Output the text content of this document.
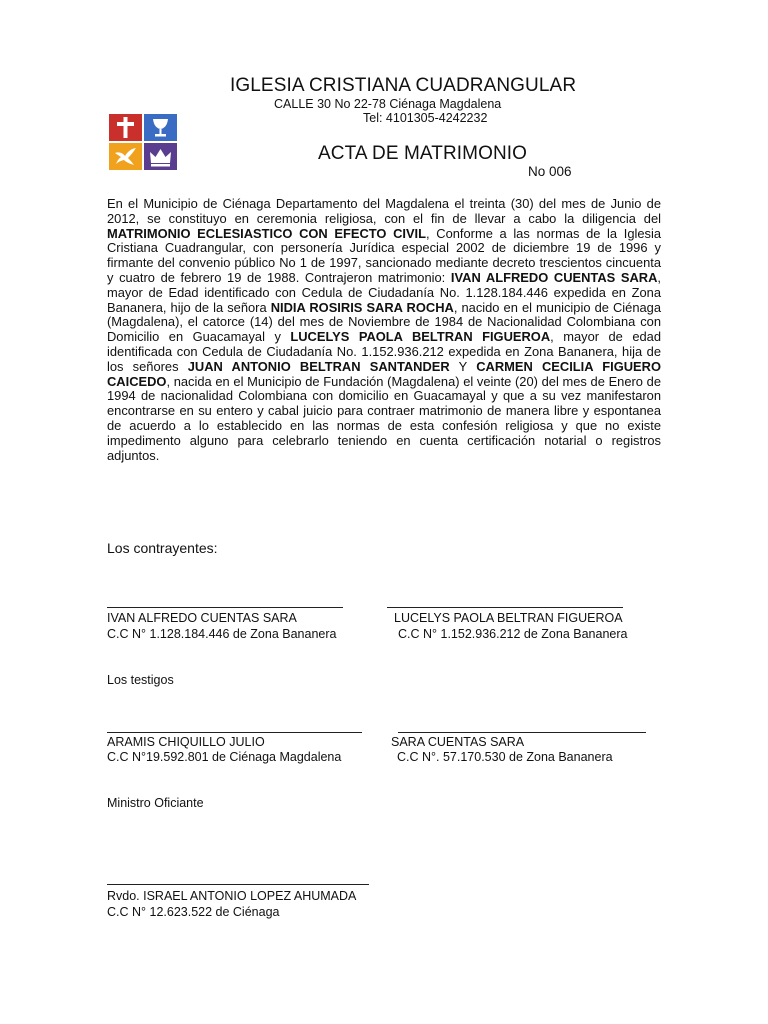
IGLESIA CRISTIANA CUADRANGULAR
CALLE 30 No 22-78 Ciénaga Magdalena
Tel: 4101305-4242232
ACTA DE MATRIMONIO
No 006
En el Municipio de Ciénaga Departamento del Magdalena el treinta (30) del mes de Junio de 2012, se constituyo en ceremonia religiosa, con el fin de llevar a cabo la diligencia del MATRIMONIO ECLESIASTICO CON EFECTO CIVIL, Conforme a las normas de la Iglesia Cristiana Cuadrangular, con personería Jurídica especial 2002 de diciembre 19 de 1996 y firmante del convenio público No 1 de 1997, sancionado mediante decreto trescientos cincuenta y cuatro de febrero 19 de 1988. Contrajeron matrimonio: IVAN ALFREDO CUENTAS SARA, mayor de Edad identificado con Cedula de Ciudadanía No. 1.128.184.446 expedida en Zona Bananera, hijo de la señora NIDIA ROSIRIS SARA ROCHA, nacido en el municipio de Ciénaga (Magdalena), el catorce (14) del mes de Noviembre de 1984 de Nacionalidad Colombiana con Domicilio en Guacamayal y LUCELYS PAOLA BELTRAN FIGUEROA, mayor de edad identificada con Cedula de Ciudadanía No. 1.152.936.212 expedida en Zona Bananera, hija de los señores JUAN ANTONIO BELTRAN SANTANDER Y CARMEN CECILIA FIGUERO CAICEDO, nacida en el Municipio de Fundación (Magdalena) el veinte (20) del mes de Enero de 1994 de nacionalidad Colombiana con domicilio en Guacamayal y que a su vez manifestaron encontrarse en su entero y cabal juicio para contraer matrimonio de manera libre y espontanea de acuerdo a lo establecido en las normas de esta confesión religiosa y que no existe impedimento alguno para celebrarlo teniendo en cuenta certificación notarial o registros adjuntos.
Los contrayentes:
IVAN ALFREDO CUENTAS SARA
C.C N° 1.128.184.446 de Zona Bananera
LUCELYS PAOLA BELTRAN FIGUEROA
C.C N° 1.152.936.212 de Zona Bananera
Los testigos
ARAMIS CHIQUILLO JULIO
C.C N°19.592.801 de Ciénaga Magdalena
SARA CUENTAS SARA
C.C N°. 57.170.530 de Zona Bananera
Ministro Oficiante
Rvdo. ISRAEL ANTONIO LOPEZ AHUMADA
C.C N° 12.623.522 de Ciénaga
